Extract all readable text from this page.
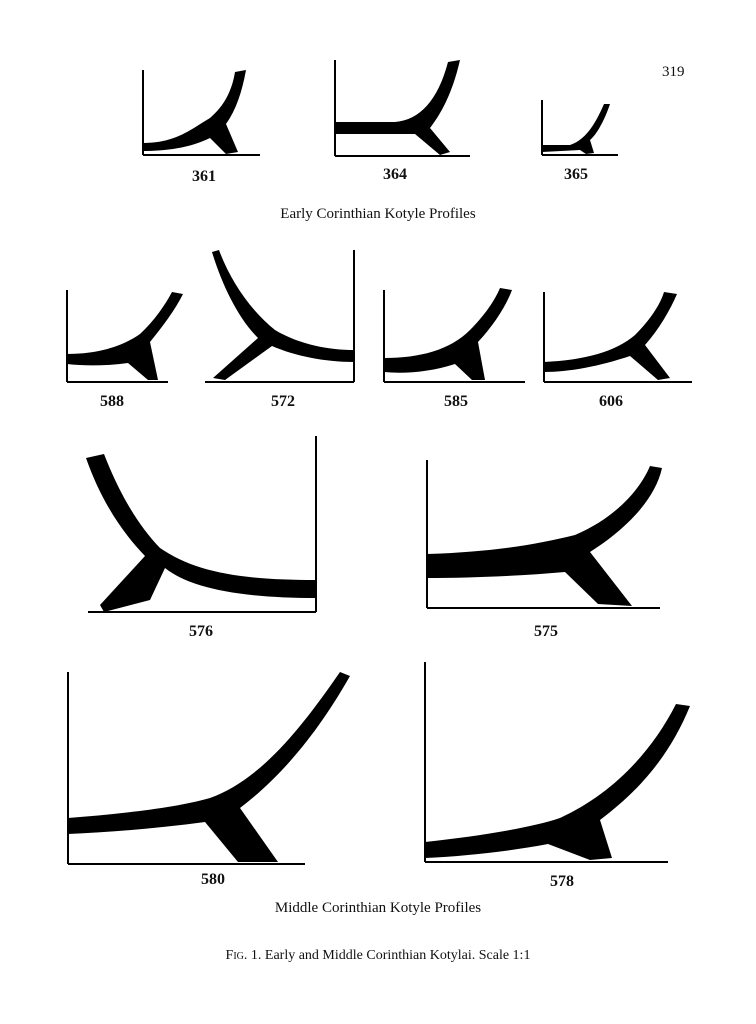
319
361	364	365
Early Corinthian Kotyle Profiles
588	572	585	606
576	575
580	578
Middle Corinthian Kotyle Profiles
Fig. 1. Early and Middle Corinthian Kotylai. Scale 1:1
